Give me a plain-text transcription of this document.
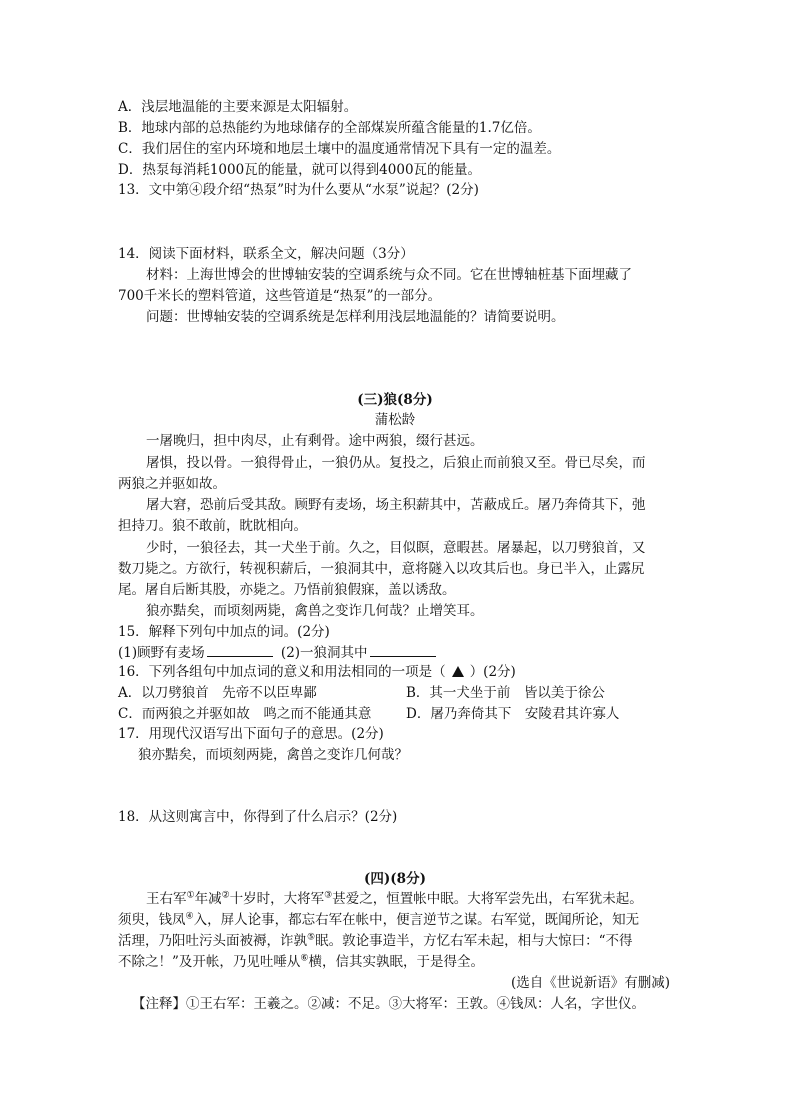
A．浅层地温能的主要来源是太阳辐射。
B．地球内部的总热能约为地球储存的全部煤炭所蕴含能量的1.7亿倍。
C．我们居住的室内环境和地层土壤中的温度通常情况下具有一定的温差。
D．热泵每消耗1000瓦的能量，就可以得到4000瓦的能量。
13．文中第④段介绍“热泵”时为什么要从“水泵”说起？(2分)
14．阅读下面材料，联系全文，解决问题（3分）
材料：上海世博会的世博轴安装的空调系统与众不同。它在世博轴桩基下面埋藏了
700千米长的塑料管道，这些管道是“热泵”的一部分。
问题：世博轴安装的空调系统是怎样利用浅层地温能的？请简要说明。
(三)狼(8分)
蒲松龄
一屠晚归，担中肉尽，止有剩骨。途中两狼，缀行甚远。
屠惧，投以骨。一狼得骨止，一狼仍从。复投之，后狼止而前狼又至。骨已尽矣，而
两狼之并驱如故。
屠大窘，恐前后受其敌。顾野有麦场，场主积薪其中，苫蔽成丘。屠乃奔倚其下，弛
担持刀。狼不敢前，眈眈相向。
少时，一狼径去，其一犬坐于前。久之，目似瞑，意暇甚。屠暴起，以刀劈狼首，又
数刀毙之。方欲行，转视积薪后，一狼洞其中，意将隧入以攻其后也。身已半入，止露尻
尾。屠自后断其股，亦毙之。乃悟前狼假寐，盖以诱敌。
狼亦黠矣，而顷刻两毙，禽兽之变诈几何哉？止增笑耳。
15．解释下列句中加点的词。(2分)
(1)顾野有麦场	(2)一狼洞其中
16．下列各组句中加点词的意义和用法相同的一项是（ ）(2分)
A．以刀劈狼首　先帝不以臣卑鄙	B．其一犬坐于前　皆以美于徐公
C．而两狼之并驱如故　鸣之而不能通其意	D．屠乃奔倚其下　安陵君其许寡人
17．用现代汉语写出下面句子的意思。(2分)
狼亦黠矣，而顷刻两毙，禽兽之变诈几何哉？
18．从这则寓言中，你得到了什么启示？(2分)
(四)(8分)
王右军①年减②十岁时，大将军③甚爱之，恒置帐中眠。大将军尝先出，右军犹未起。
须臾，钱凤④入，屏人论事，都忘右军在帐中，便言逆节之谋。右军觉，既闻所论，知无
活理，乃阳吐污头面被褥，诈孰⑤眠。敦论事造半，方忆右军未起，相与大惊曰：“不得
不除之！”及开帐，乃见吐唾从⑥横，信其实孰眠，于是得全。
(选自《世说新语》有删减)
【注释】①王右军：王羲之。②减：不足。③大将军：王敦。④钱凤：人名，字世仪。
